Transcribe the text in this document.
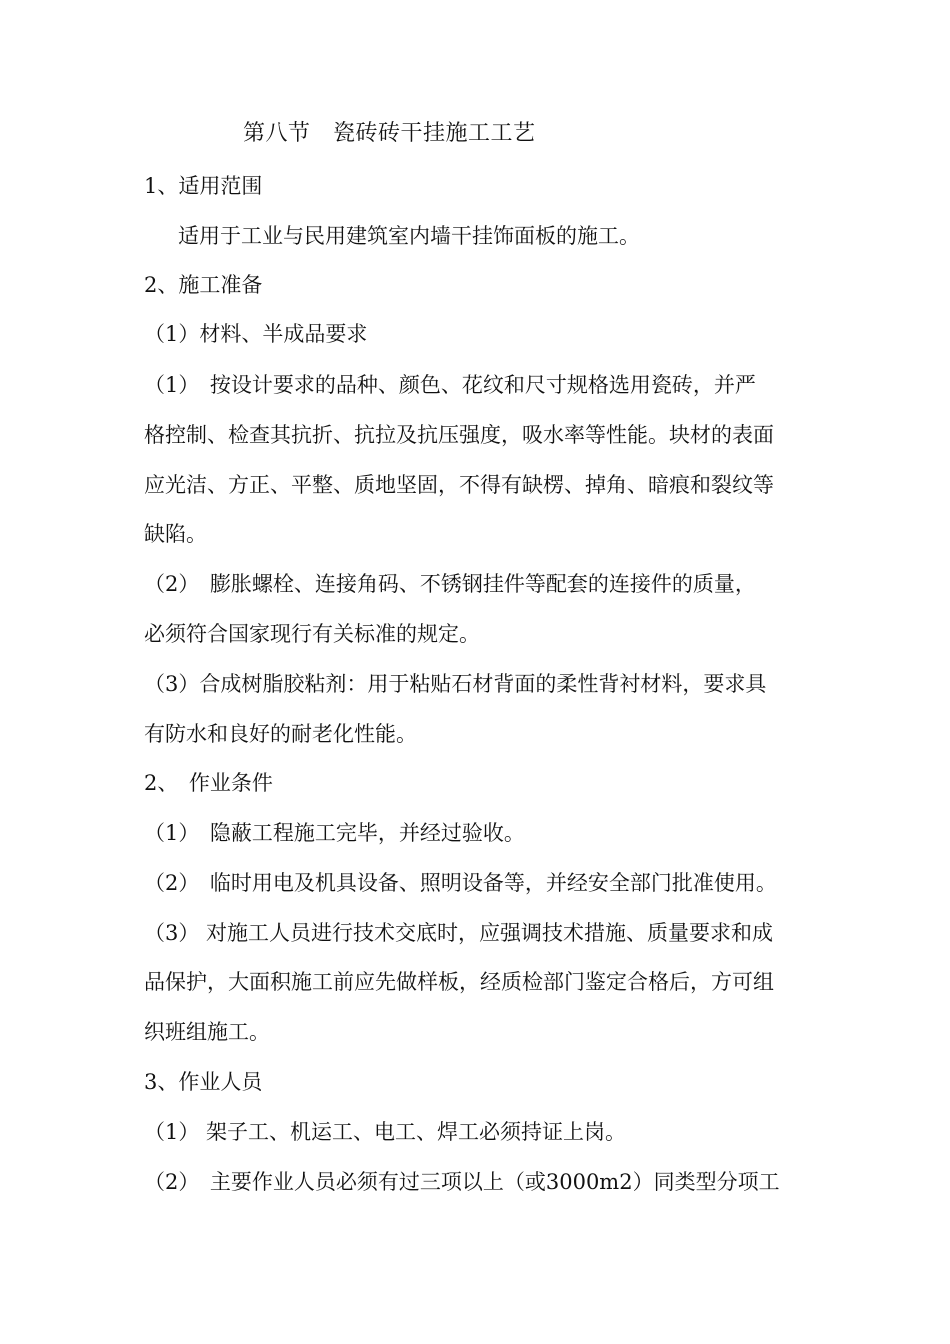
第八节　瓷砖砖干挂施工工艺
1、适用范围
适用于工业与民用建筑室内墙干挂饰面板的施工。
2、施工准备
（1）材料、半成品要求
（1）　按设计要求的品种、颜色、花纹和尺寸规格选用瓷砖，并严
格控制、检查其抗折、抗拉及抗压强度，吸水率等性能。块材的表面
应光洁、方正、平整、质地坚固，不得有缺楞、掉角、暗痕和裂纹等
缺陷。
（2）　膨胀螺栓、连接角码、不锈钢挂件等配套的连接件的质量，
必须符合国家现行有关标准的规定。
（3）合成树脂胶粘剂：用于粘贴石材背面的柔性背衬材料，要求具
有防水和良好的耐老化性能。
2、　作业条件
（1）　隐蔽工程施工完毕，并经过验收。
（2）　临时用电及机具设备、照明设备等，并经安全部门批准使用。
（3） 对施工人员进行技术交底时，应强调技术措施、质量要求和成
品保护，大面积施工前应先做样板，经质检部门鉴定合格后，方可组
织班组施工。
3、作业人员
（1） 架子工、机运工、电工、焊工必须持证上岗。
（2）　主要作业人员必须有过三项以上（或3000m2）同类型分项工
